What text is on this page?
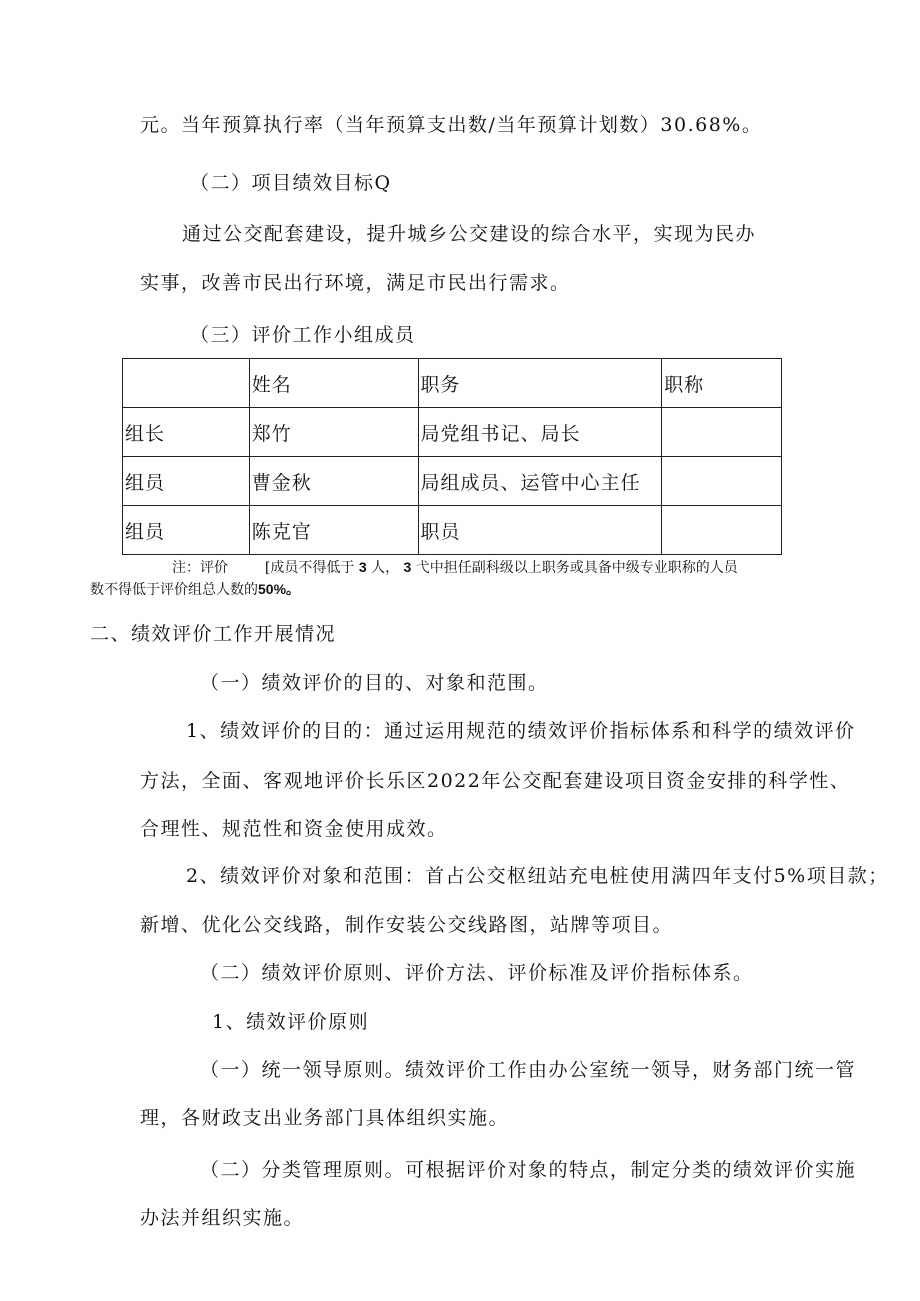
元。当年预算执行率（当年预算支出数/当年预算计划数）30.68%。
（二）项目绩效目标Q
通过公交配套建设，提升城乡公交建设的综合水平，实现为民办
实事，改善市民出行环境，满足市民出行需求。
（三）评价工作小组成员
	姓名	职务	职称
组长	郑竹	局党组书记、局长	
组员	曹金秋	局组成员、运管中心主任	
组员	陈克官	职员	
注：评价	[成员不得低于 3 人， 3 弋中担任副科级以上职务或具备中级专业职称的人员
数不得低于评价组总人数的50%。
二、绩效评价工作开展情况
（一）绩效评价的目的、对象和范围。
1、绩效评价的目的：通过运用规范的绩效评价指标体系和科学的绩效评价
方法，全面、客观地评价长乐区2022年公交配套建设项目资金安排的科学性、
合理性、规范性和资金使用成效。
2、绩效评价对象和范围：首占公交枢纽站充电桩使用满四年支付5%项目款；
新增、优化公交线路，制作安装公交线路图，站牌等项目。
（二）绩效评价原则、评价方法、评价标准及评价指标体系。
1、绩效评价原则
（一）统一领导原则。绩效评价工作由办公室统一领导，财务部门统一管
理，各财政支出业务部门具体组织实施。
（二）分类管理原则。可根据评价对象的特点，制定分类的绩效评价实施
办法并组织实施。
